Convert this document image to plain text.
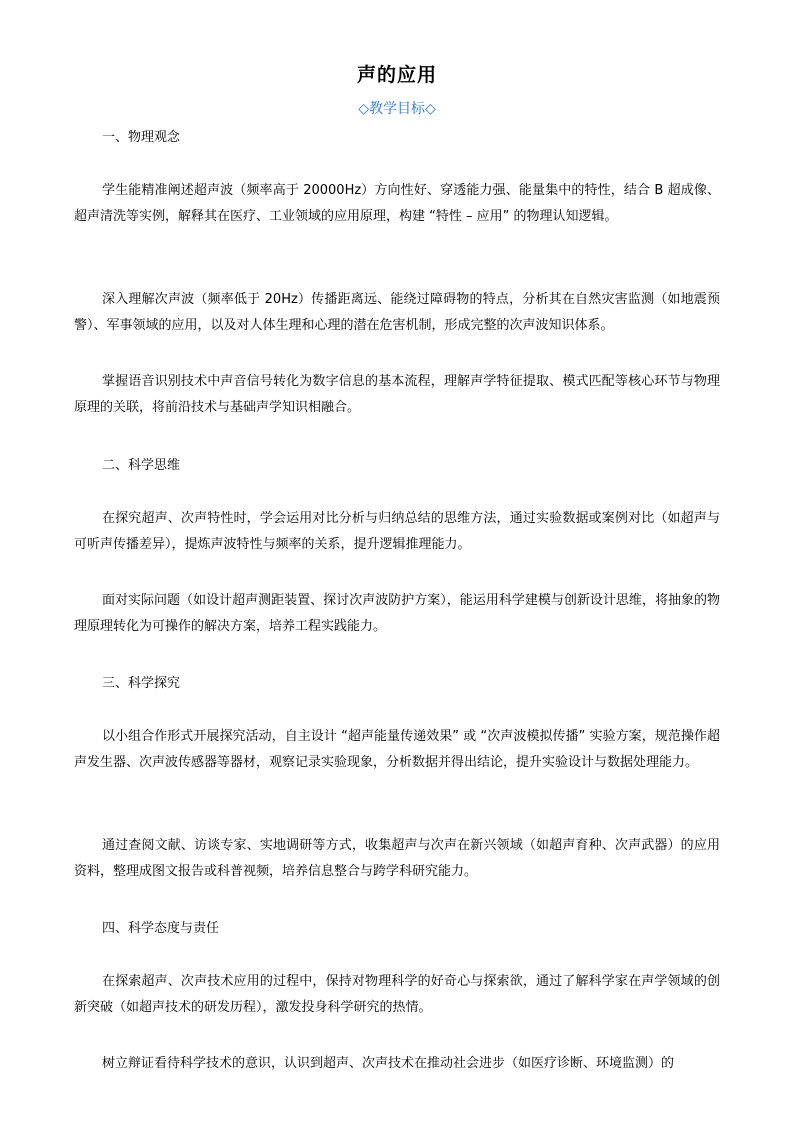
声的应用
◇教学目标◇
一、物理观念

学生能精准阐述超声波（频率高于 20000Hz）方向性好、穿透能力强、能量集中的特性，结合 B 超成像、超声清洗等实例，解释其在医疗、工业领域的应用原理，构建 “特性 – 应用” 的物理认知逻辑。

深入理解次声波（频率低于 20Hz）传播距离远、能绕过障碍物的特点，分析其在自然灾害监测（如地震预警）、军事领域的应用，以及对人体生理和心理的潜在危害机制，形成完整的次声波知识体系。

掌握语音识别技术中声音信号转化为数字信息的基本流程，理解声学特征提取、模式匹配等核心环节与物理原理的关联，将前沿技术与基础声学知识相融合。

二、科学思维

在探究超声、次声特性时，学会运用对比分析与归纳总结的思维方法，通过实验数据或案例对比（如超声与可听声传播差异），提炼声波特性与频率的关系，提升逻辑推理能力。

面对实际问题（如设计超声测距装置、探讨次声波防护方案），能运用科学建模与创新设计思维，将抽象的物理原理转化为可操作的解决方案，培养工程实践能力。

三、科学探究

以小组合作形式开展探究活动，自主设计 “超声能量传递效果” 或 “次声波模拟传播” 实验方案，规范操作超声发生器、次声波传感器等器材，观察记录实验现象，分析数据并得出结论，提升实验设计与数据处理能力。

通过查阅文献、访谈专家、实地调研等方式，收集超声与次声在新兴领域（如超声育种、次声武器）的应用资料，整理成图文报告或科普视频，培养信息整合与跨学科研究能力。

四、科学态度与责任

在探索超声、次声技术应用的过程中，保持对物理科学的好奇心与探索欲，通过了解科学家在声学领域的创新突破（如超声技术的研发历程），激发投身科学研究的热情。

树立辩证看待科学技术的意识，认识到超声、次声技术在推动社会进步（如医疗诊断、环境监测）的
